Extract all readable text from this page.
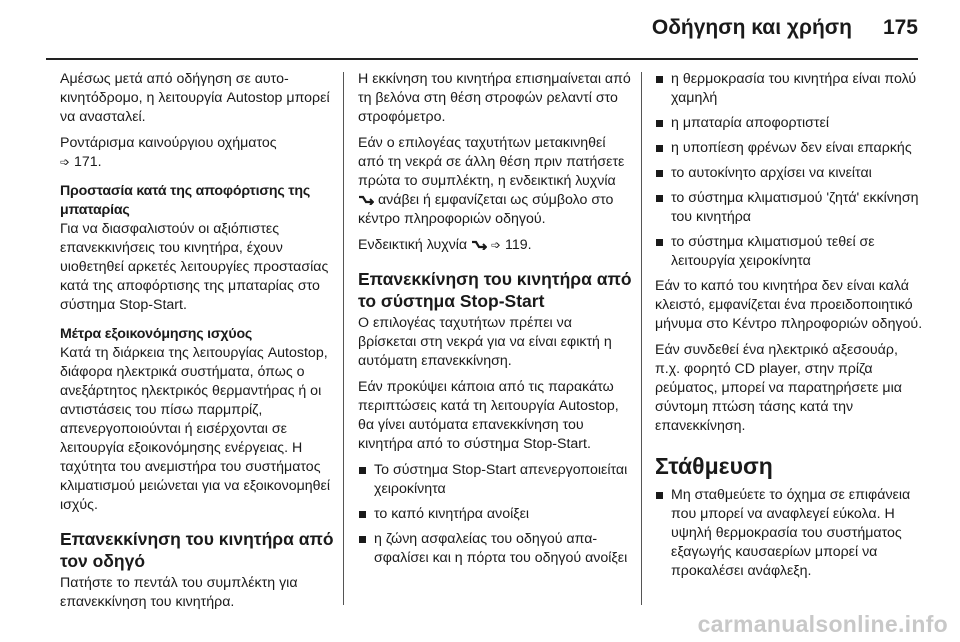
Οδήγηση και χρήση 175

Αμέσως μετά από οδήγηση σε αυτοκινητόδρομο, η λειτουργία Autostop μπορεί να ανασταλεί.

Ροντάρισμα καινούργιου οχήματος
➩ 171.

Προστασία κατά της αποφόρτισης της μπαταρίας

Για να διασφαλιστούν οι αξιόπιστες επανεκκινήσεις του κινητήρα, έχουν υιοθετηθεί αρκετές λειτουργίες προστασίας κατά της αποφόρτισης της μπαταρίας στο σύστημα Stop-Start.

Μέτρα εξοικονόμησης ισχύος

Κατά τη διάρκεια της λειτουργίας Autostop, διάφορα ηλεκτρικά συστήματα, όπως ο ανεξάρτητος ηλεκτρικός θερμαντήρας ή οι αντιστάσεις του πίσω παρμπρίζ, απενεργοποιούνται ή εισέρχονται σε λειτουργία εξοικονόμησης ενέργειας. Η ταχύτητα του ανεμιστήρα του συστήματος κλιματισμού μειώνεται για να εξοικονομηθεί ισχύς.

Επανεκκίνηση του κινητήρα από τον οδηγό

Πατήστε το πεντάλ του συμπλέκτη για επανεκκίνηση του κινητήρα.

Η εκκίνηση του κινητήρα επισημαίνεται από τη βελόνα στη θέση στροφών ρελαντί στο στροφόμετρο.

Εάν ο επιλογέας ταχυτήτων μετακινηθεί από τη νεκρά σε άλλη θέση πριν πατήσετε πρώτα το συμπλέκτη, η ενδεικτική λυχνία  ανάβει ή εμφανίζεται ως σύμβολο στο κέντρο πληροφοριών οδηγού.

Ενδεικτική λυχνία ➩ 119.

Επανεκκίνηση του κινητήρα από το σύστημα Stop-Start

Ο επιλογέας ταχυτήτων πρέπει να βρίσκεται στη νεκρά για να είναι εφικτή η αυτόματη επανεκκίνηση.

Εάν προκύψει κάποια από τις παρακάτω περιπτώσεις κατά τη λειτουργία Autostop, θα γίνει αυτόματα επανεκκίνηση του κινητήρα από το σύστημα Stop-Start.

Το σύστημα Stop-Start απενεργοποιείται χειροκίνητα
το καπό κινητήρα ανοίξει
η ζώνη ασφαλείας του οδηγού απασφαλίσει και η πόρτα του οδηγού ανοίξει
η θερμοκρασία του κινητήρα είναι πολύ χαμηλή
η μπαταρία αποφορτιστεί
η υποπίεση φρένων δεν είναι επαρκής
το αυτοκίνητο αρχίσει να κινείται
το σύστημα κλιματισμού 'ζητά' εκκίνηση του κινητήρα
το σύστημα κλιματισμού τεθεί σε λειτουργία χειροκίνητα

Εάν το καπό του κινητήρα δεν είναι καλά κλειστό, εμφανίζεται ένα προειδοποιητικό μήνυμα στο Κέντρο πληροφοριών οδηγού.

Εάν συνδεθεί ένα ηλεκτρικό αξεσουάρ, π.χ. φορητό CD player, στην πρίζα ρεύματος, μπορεί να παρατηρήσετε μια σύντομη πτώση τάσης κατά την επανεκκίνηση.

Στάθμευση
Μη σταθμεύετε το όχημα σε επιφάνεια που μπορεί να αναφλεγεί εύκολα. Η υψηλή θερμοκρασία του συστήματος εξαγωγής καυσαερίων μπορεί να προκαλέσει ανάφλεξη.
carmanualsonline.info
